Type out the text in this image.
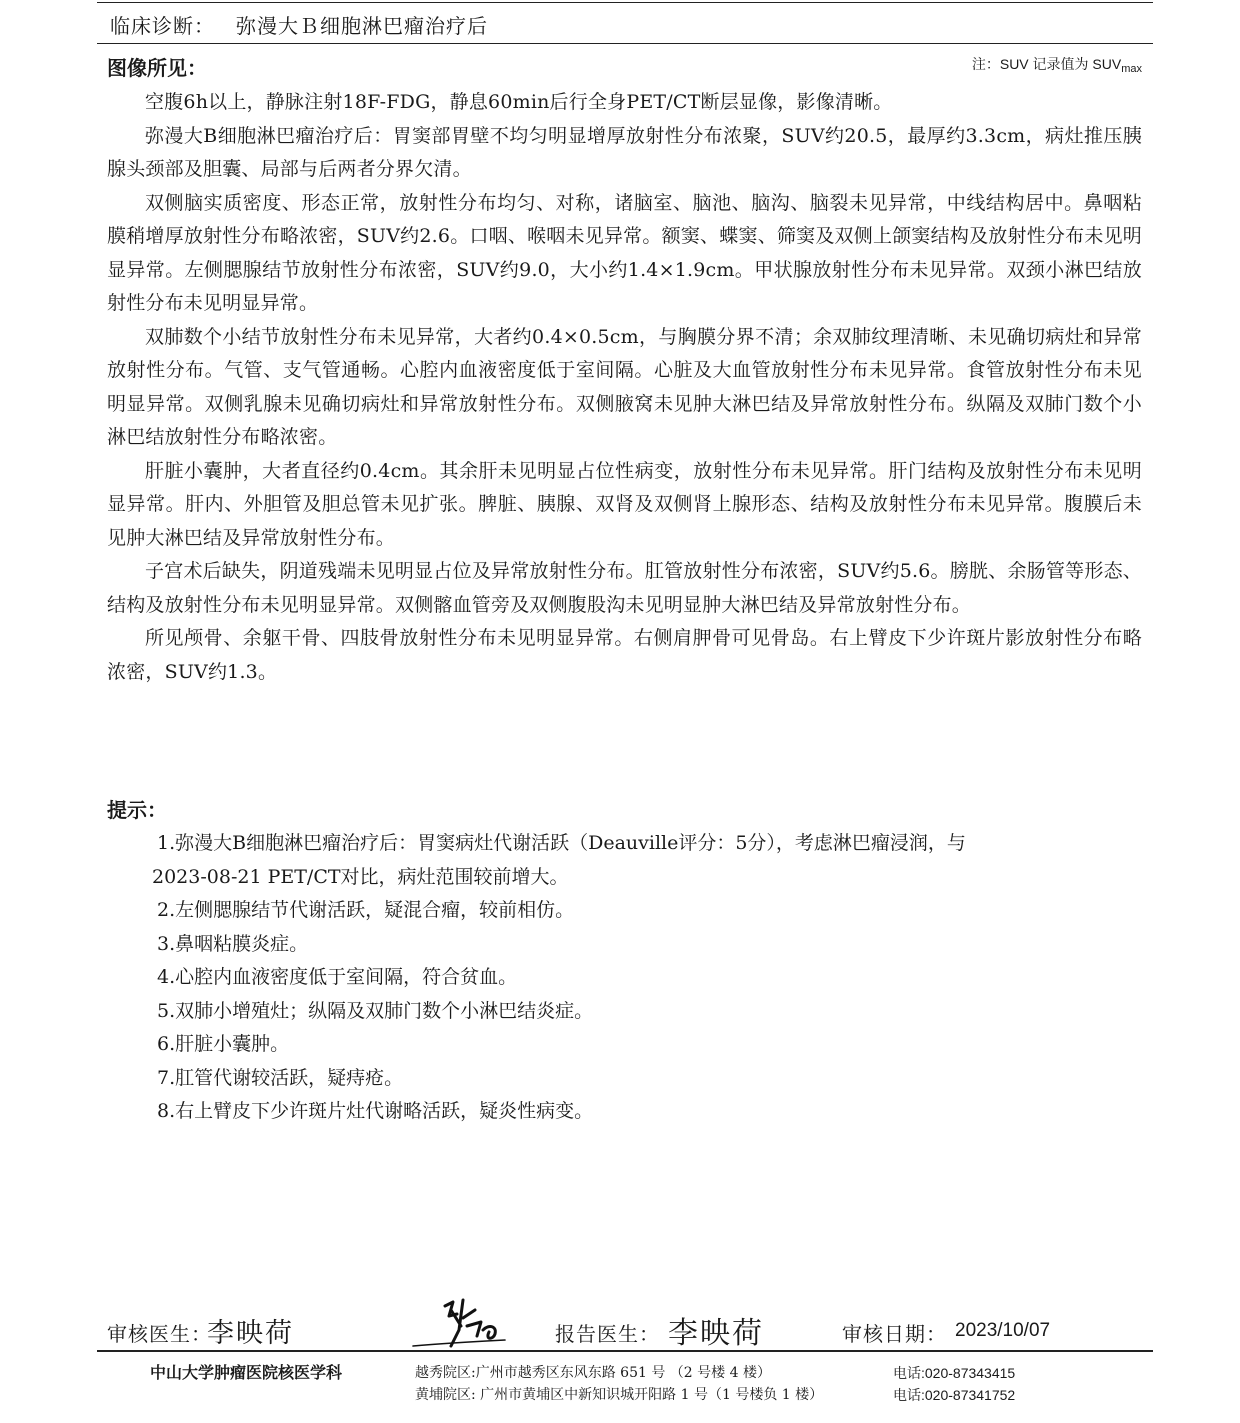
临床诊断： 弥漫大Ｂ细胞淋巴瘤治疗后
图像所见：	注：SUV 记录值为 $SUV_{max}$

空腹6h以上，静脉注射18F-FDG，静息60min后行全身PET/CT断层显像，影像清晰。

弥漫大B细胞淋巴瘤治疗后：胃窦部胃壁不均匀明显增厚放射性分布浓聚，SUV约20.5，最厚约3.3cm，病灶推压胰腺头颈部及胆囊、局部与后两者分界欠清。

双侧脑实质密度、形态正常，放射性分布均匀、对称，诸脑室、脑池、脑沟、脑裂未见异常，中线结构居中。鼻咽粘膜稍增厚放射性分布略浓密，SUV约2.6。口咽、喉咽未见异常。额窦、蝶窦、筛窦及双侧上颌窦结构及放射性分布未见明显异常。左侧腮腺结节放射性分布浓密，SUV约9.0，大小约1.4×1.9cm。甲状腺放射性分布未见异常。双颈小淋巴结放射性分布未见明显异常。

双肺数个小结节放射性分布未见异常，大者约0.4×0.5cm，与胸膜分界不清；余双肺纹理清晰、未见确切病灶和异常放射性分布。气管、支气管通畅。心腔内血液密度低于室间隔。心脏及大血管放射性分布未见异常。食管放射性分布未见明显异常。双侧乳腺未见确切病灶和异常放射性分布。双侧腋窝未见肿大淋巴结及异常放射性分布。纵隔及双肺门数个小淋巴结放射性分布略浓密。

肝脏小囊肿，大者直径约0.4cm。其余肝未见明显占位性病变，放射性分布未见异常。肝门结构及放射性分布未见明显异常。肝内、外胆管及胆总管未见扩张。脾脏、胰腺、双肾及双侧肾上腺形态、结构及放射性分布未见异常。腹膜后未见肿大淋巴结及异常放射性分布。

子宫术后缺失，阴道残端未见明显占位及异常放射性分布。肛管放射性分布浓密，SUV约5.6。膀胱、余肠管等形态、结构及放射性分布未见明显异常。双侧髂血管旁及双侧腹股沟未见明显肿大淋巴结及异常放射性分布。

所见颅骨、余躯干骨、四肢骨放射性分布未见明显异常。右侧肩胛骨可见骨岛。右上臂皮下少许斑片影放射性分布略浓密，SUV约1.3。

提示：
1.弥漫大B细胞淋巴瘤治疗后：胃窦病灶代谢活跃（Deauville评分：5分），考虑淋巴瘤浸润，与
2023-08-21 PET/CT对比，病灶范围较前增大。
2.左侧腮腺结节代谢活跃，疑混合瘤，较前相仿。
3.鼻咽粘膜炎症。
4.心腔内血液密度低于室间隔，符合贫血。
5.双肺小增殖灶；纵隔及双肺门数个小淋巴结炎症。
6.肝脏小囊肿。
7.肛管代谢较活跃，疑痔疮。
8.右上臂皮下少许斑片灶代谢略活跃，疑炎性病变。
审核医生：
李映荷	报告医生： 李映荷	审核日期： 2023/10/07
中山大学肿瘤医院核医学科	越秀院区:广州市越秀区东风东路 651 号 （2 号楼 4 楼）	电话:020-87343415
黄埔院区: 广州市黄埔区中新知识城开阳路 1 号（1 号楼负 1 楼）	电话:020-87341752
